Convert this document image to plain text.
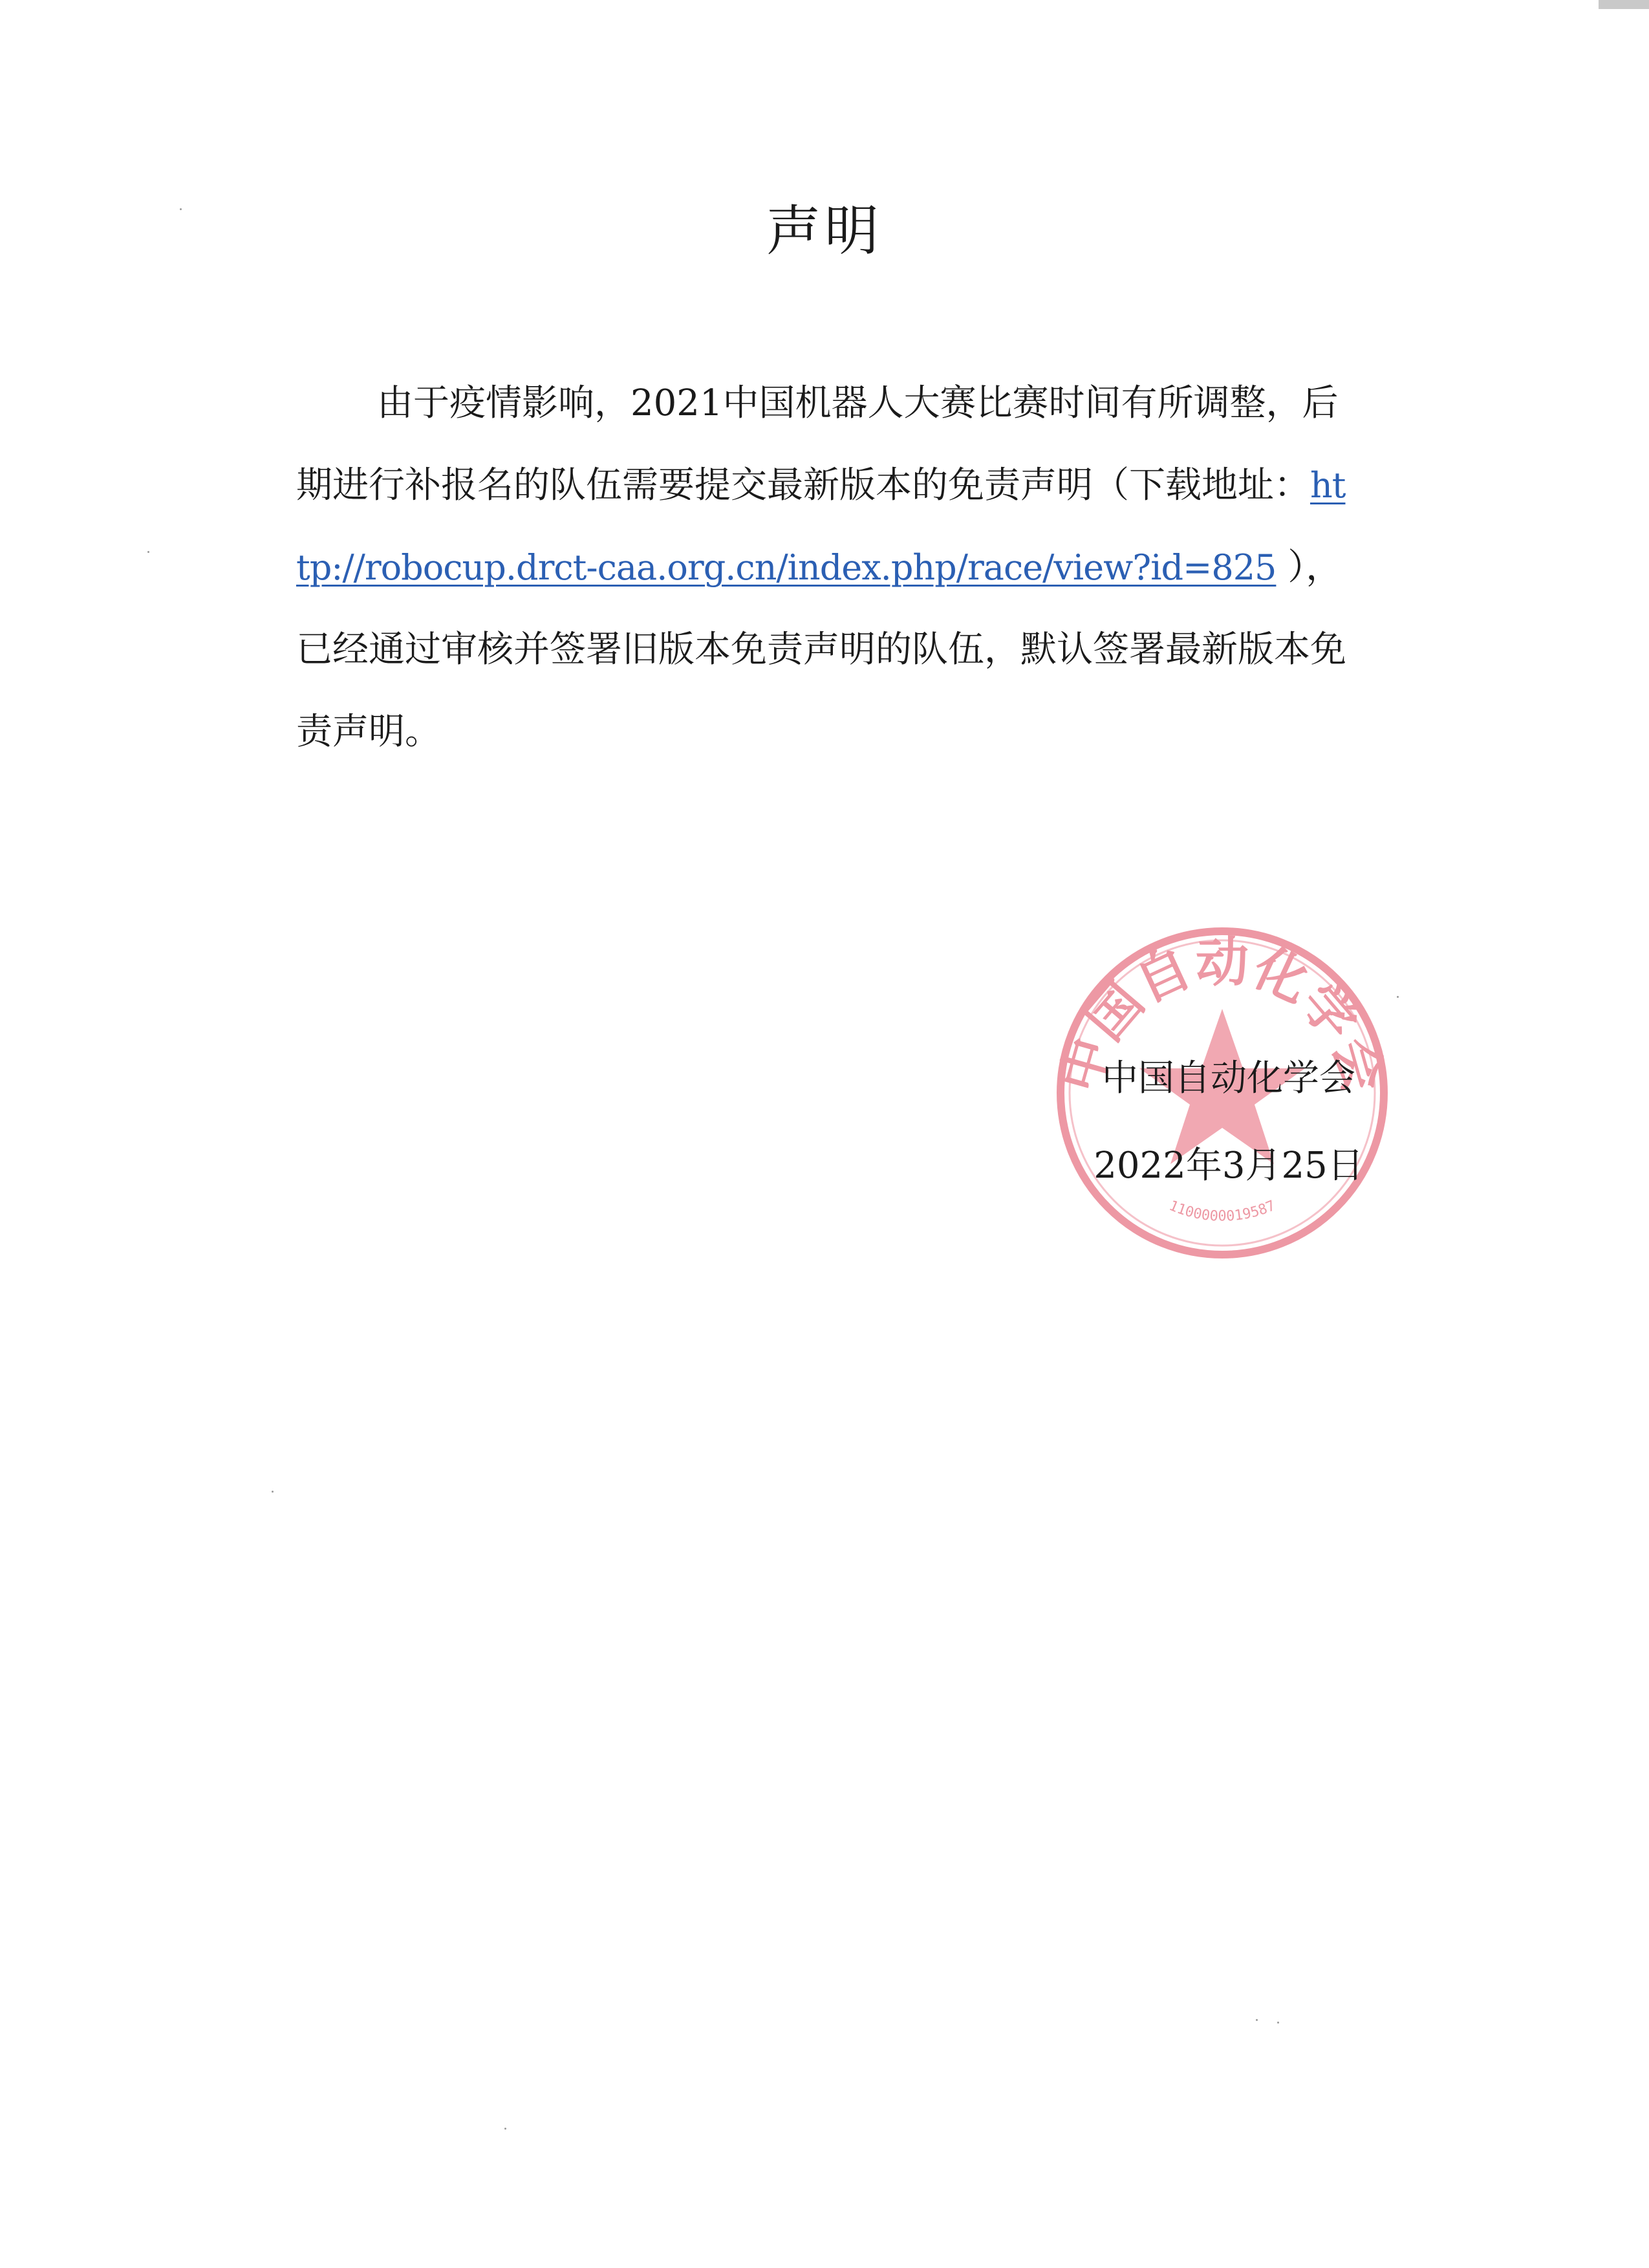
声明
由于疫情影响，2021中国机器人大赛比赛时间有所调整，后期进行补报名的队伍需要提交最新版本的免责声明（下载地址：http://robocup.drct-caa.org.cn/index.php/race/view?id=825 ），已经通过审核并签署旧版本免责声明的队伍，默认签署最新版本免责声明。
中国自动化学会
1100000019587
中国自动化学会
2022年3月25日
